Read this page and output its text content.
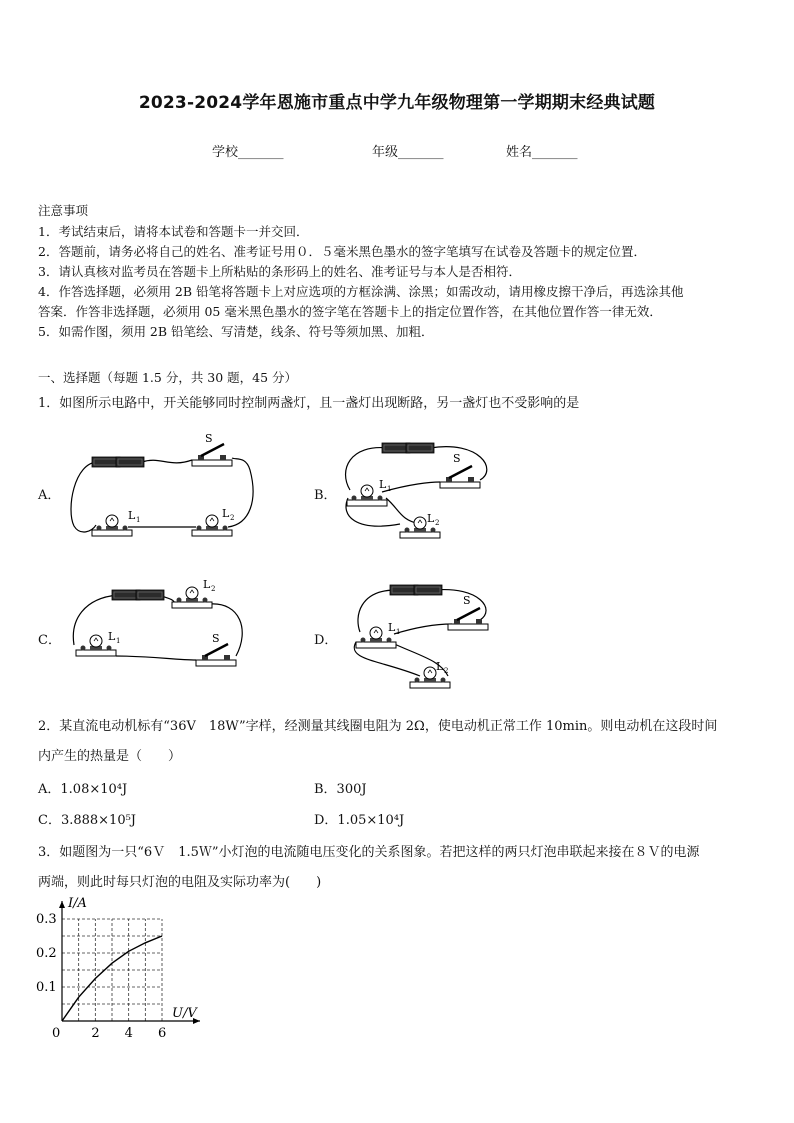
2023-2024学年恩施市重点中学九年级物理第一学期期末经典试题
学校_______	年级_______	姓名_______
注意事项
1．考试结束后，请将本试卷和答题卡一并交回．
2．答题前，请务必将自己的姓名、准考证号用０．５毫米黑色墨水的签字笔填写在试卷及答题卡的规定位置．
3．请认真核对监考员在答题卡上所粘贴的条形码上的姓名、准考证号与本人是否相符．
4．作答选择题，必须用 2B 铅笔将答题卡上对应选项的方框涂满、涂黑；如需改动，请用橡皮擦干净后，再选涂其他
答案．作答非选择题，必须用 05 毫米黑色墨水的签字笔在答题卡上的指定位置作答，在其他位置作答一律无效．
5．如需作图，须用 2B 铅笔绘、写清楚，线条、符号等须加黑、加粗．
一、选择题（每题 1.5 分，共 30 题，45 分）
1．如图所示电路中，开关能够同时控制两盏灯，且一盏灯出现断路，另一盏灯也不受影响的是
A．	B．
C．	D．
S
L 1	L 2
S
L 1
L 2
L 2
L 1	S
S
L 1
L 2
2．某直流电动机标有“36V　18W”字样，经测量其线圈电阻为 2Ω，使电动机正常工作 10min。则电动机在这段时间
内产生的热量是（　　）
A．1.08×10⁴J	B．300J
C．3.888×10⁵J	D．1.05×10⁴J
3．如题图为一只“6Ｖ　1.5Ｗ”小灯泡的电流随电压变化的关系图象。若把这样的两只灯泡串联起来接在８Ｖ的电源
两端，则此时每只灯泡的电阻及实际功率为(　　)
0 2 4 6
0.1
0.2
0.3
I/A
U/V
